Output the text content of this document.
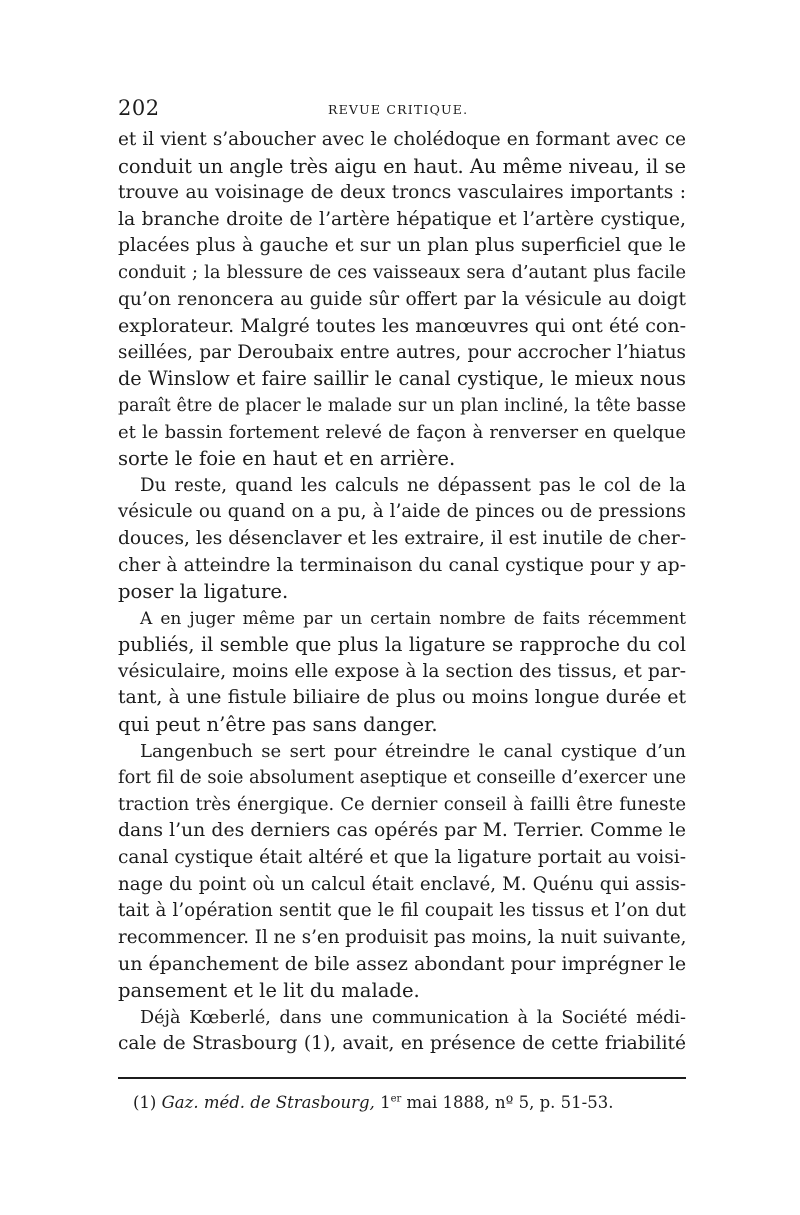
202	REVUE CRITIQUE.
et il vient s’aboucher avec le cholédoque en formant avec ce
conduit un angle très aigu en haut. Au même niveau, il se
trouve au voisinage de deux troncs vasculaires importants :
la branche droite de l’artère hépatique et l’artère cystique,
placées plus à gauche et sur un plan plus superficiel que le
conduit ; la blessure de ces vaisseaux sera d’autant plus facile
qu’on renoncera au guide sûr offert par la vésicule au doigt
explorateur. Malgré toutes les manœuvres qui ont été con-
seillées, par Deroubaix entre autres, pour accrocher l’hiatus
de Winslow et faire saillir le canal cystique, le mieux nous
paraît être de placer le malade sur un plan incliné, la tête basse
et le bassin fortement relevé de façon à renverser en quelque
sorte le foie en haut et en arrière.
Du reste, quand les calculs ne dépassent pas le col de la
vésicule ou quand on a pu, à l’aide de pinces ou de pressions
douces, les désenclaver et les extraire, il est inutile de cher-
cher à atteindre la terminaison du canal cystique pour y ap-
poser la ligature.
A en juger même par un certain nombre de faits récemment
publiés, il semble que plus la ligature se rapproche du col
vésiculaire, moins elle expose à la section des tissus, et par-
tant, à une fistule biliaire de plus ou moins longue durée et
qui peut n’être pas sans danger.
Langenbuch se sert pour étreindre le canal cystique d’un
fort fil de soie absolument aseptique et conseille d’exercer une
traction très énergique. Ce dernier conseil à failli être funeste
dans l’un des derniers cas opérés par M. Terrier. Comme le
canal cystique était altéré et que la ligature portait au voisi-
nage du point où un calcul était enclavé, M. Quénu qui assis-
tait à l’opération sentit que le fil coupait les tissus et l’on dut
recommencer. Il ne s’en produisit pas moins, la nuit suivante,
un épanchement de bile assez abondant pour imprégner le
pansement et le lit du malade.
Déjà Kœberlé, dans une communication à la Société médi-
cale de Strasbourg (1), avait, en présence de cette friabilité
(1) Gaz. méd. de Strasbourg, 1er mai 1888, nº 5, p. 51-53.
